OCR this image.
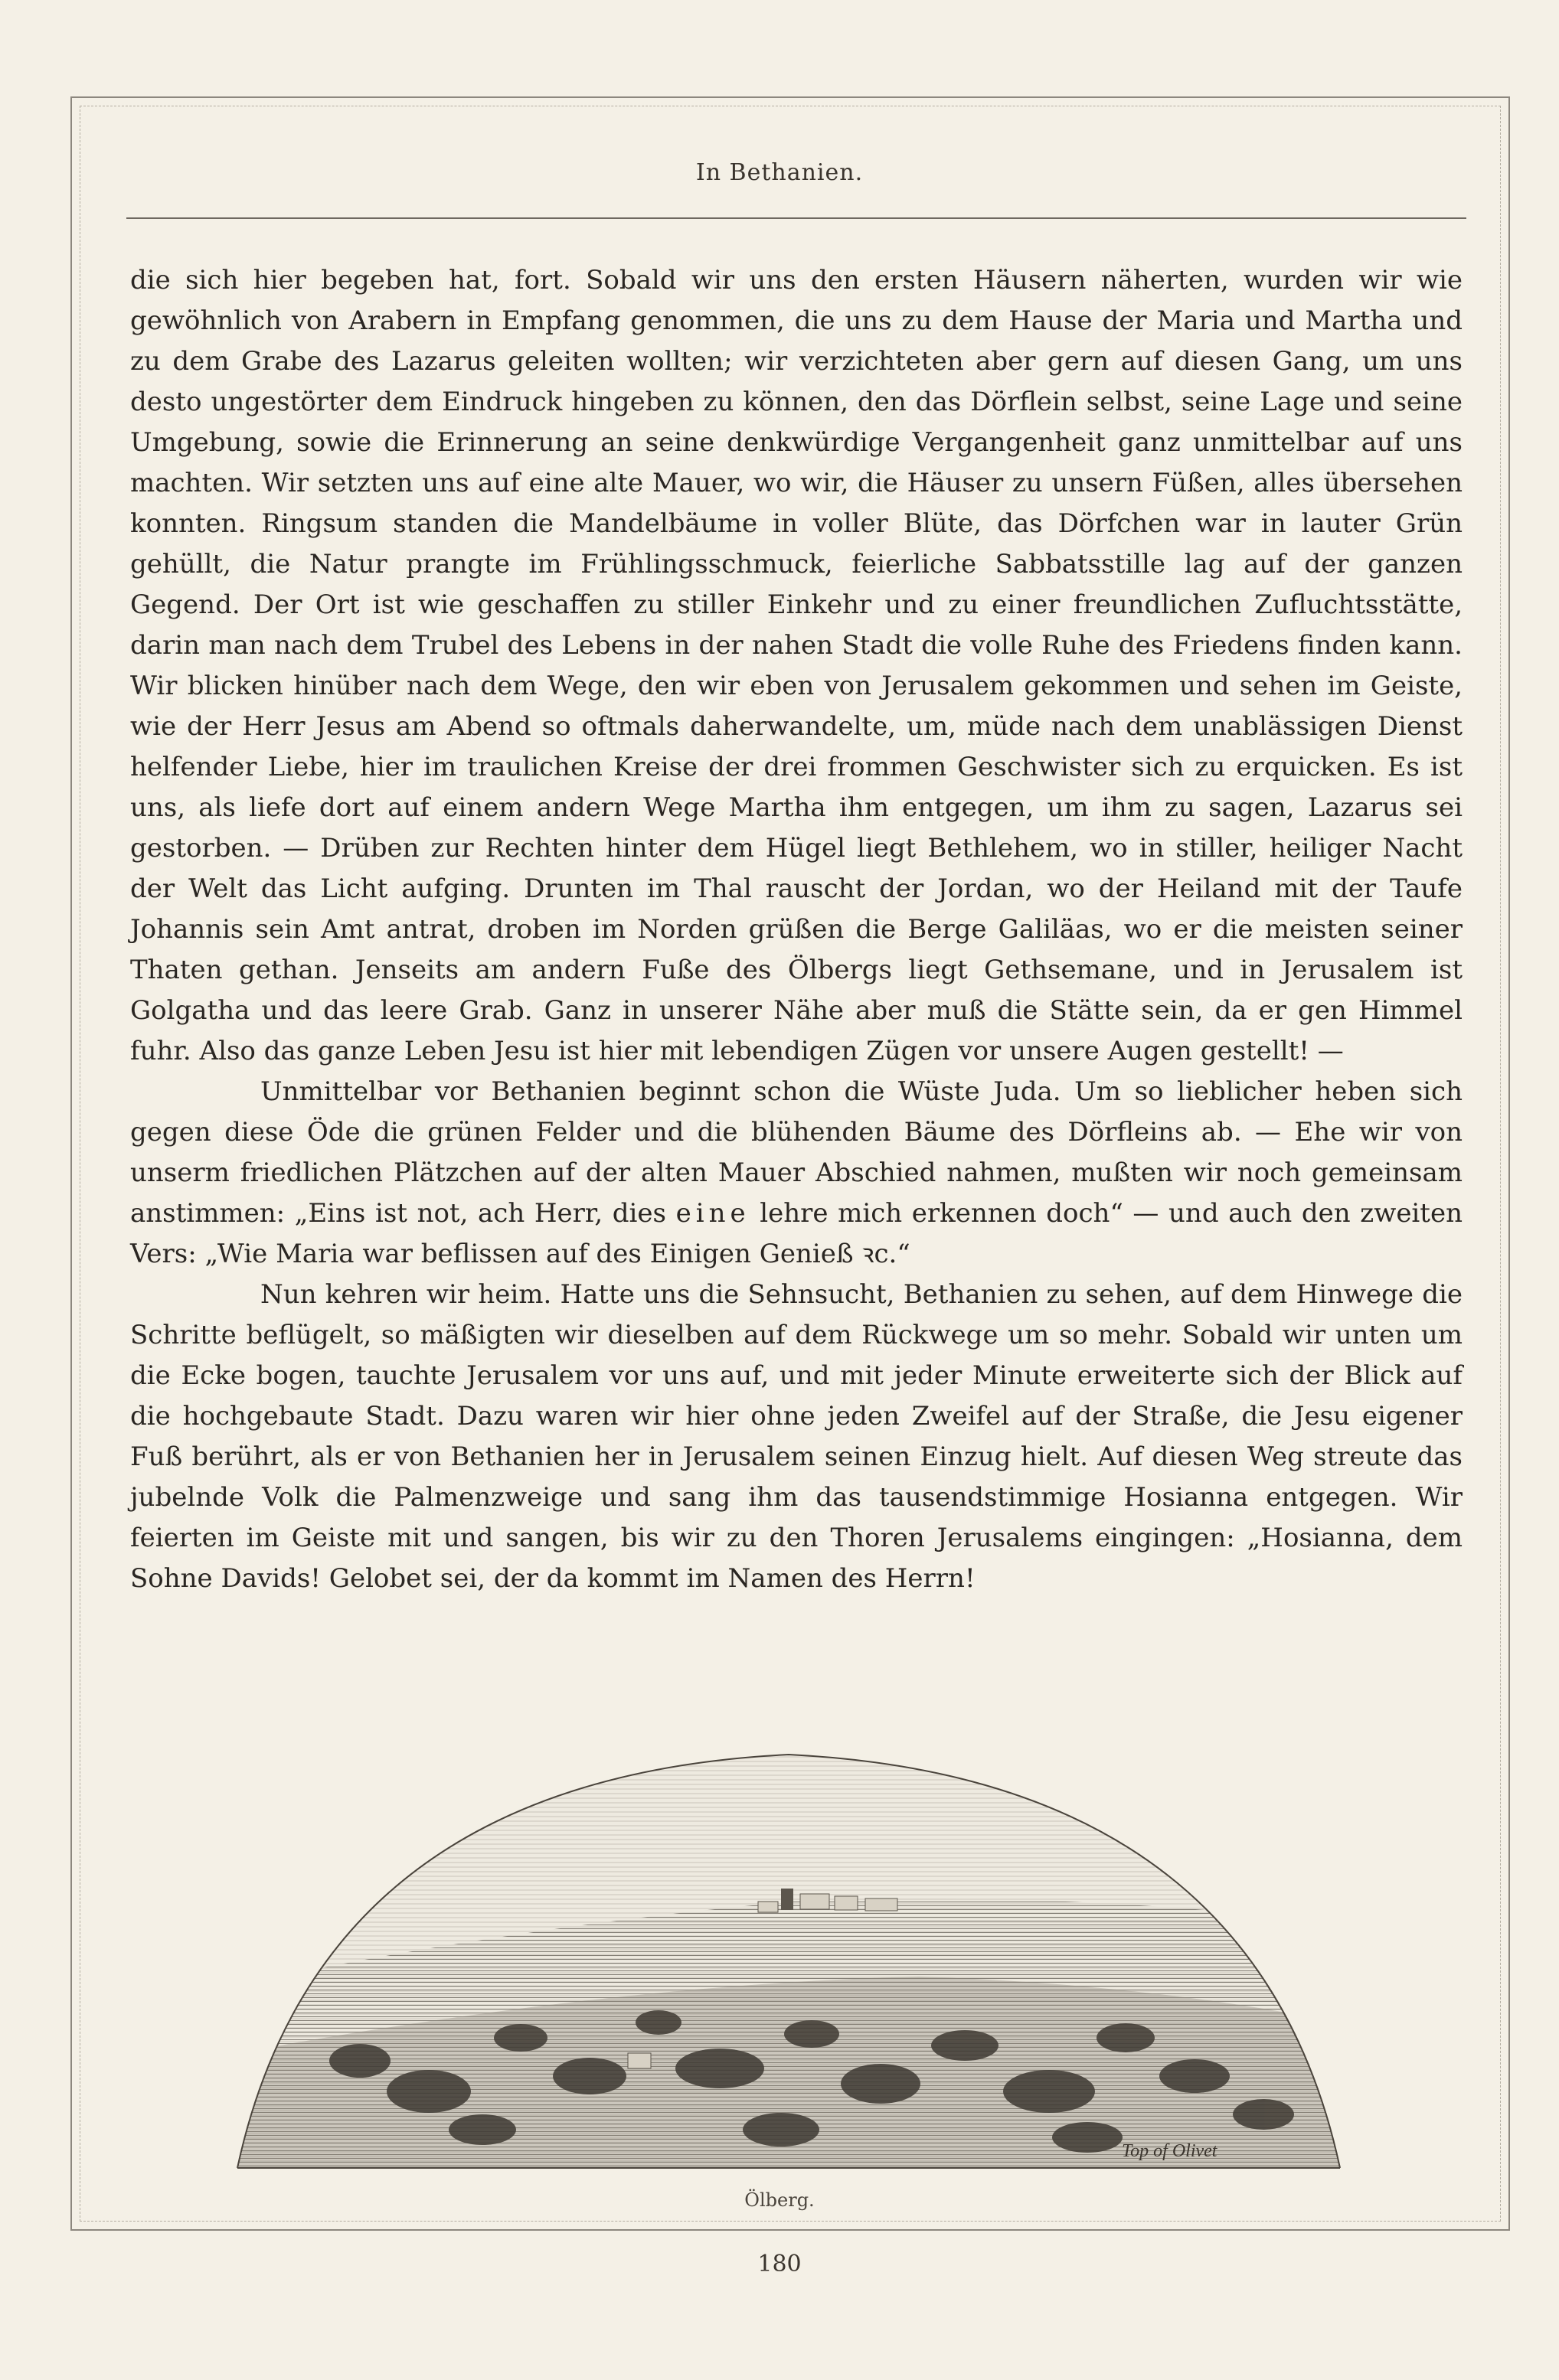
In Bethanien.

die sich hier begeben hat, fort. Sobald wir uns den ersten Häusern näherten, wurden wir wie gewöhnlich von Arabern in Empfang genommen, die uns zu dem Hause der Maria und Martha und zu dem Grabe des Lazarus geleiten wollten; wir verzichteten aber gern auf diesen Gang, um uns desto ungestörter dem Eindruck hingeben zu können, den das Dörflein selbst, seine Lage und seine Umgebung, sowie die Erinnerung an seine denkwürdige Vergangenheit ganz unmittelbar auf uns machten. Wir setzten uns auf eine alte Mauer, wo wir, die Häuser zu unsern Füßen, alles übersehen konnten. Ringsum standen die Mandelbäume in voller Blüte, das Dörfchen war in lauter Grün gehüllt, die Natur prangte im Frühlingsschmuck, feierliche Sabbatsstille lag auf der ganzen Gegend. Der Ort ist wie geschaffen zu stiller Einkehr und zu einer freundlichen Zufluchtsstätte, darin man nach dem Trubel des Lebens in der nahen Stadt die volle Ruhe des Friedens finden kann. Wir blicken hinüber nach dem Wege, den wir eben von Jerusalem gekommen und sehen im Geiste, wie der Herr Jesus am Abend so oftmals daherwandelte, um, müde nach dem unablässigen Dienst helfender Liebe, hier im traulichen Kreise der drei frommen Geschwister sich zu erquicken. Es ist uns, als liefe dort auf einem andern Wege Martha ihm entgegen, um ihm zu sagen, Lazarus sei gestorben. — Drüben zur Rechten hinter dem Hügel liegt Bethlehem, wo in stiller, heiliger Nacht der Welt das Licht aufging. Drunten im Thal rauscht der Jordan, wo der Heiland mit der Taufe Johannis sein Amt antrat, droben im Norden grüßen die Berge Galiläas, wo er die meisten seiner Thaten gethan. Jenseits am andern Fuße des Ölbergs liegt Gethsemane, und in Jerusalem ist Golgatha und das leere Grab. Ganz in unserer Nähe aber muß die Stätte sein, da er gen Himmel fuhr. Also das ganze Leben Jesu ist hier mit lebendigen Zügen vor unsere Augen gestellt! —

Unmittelbar vor Bethanien beginnt schon die Wüste Juda. Um so lieblicher heben sich gegen diese Öde die grünen Felder und die blühenden Bäume des Dörfleins ab. — Ehe wir von unserm friedlichen Plätzchen auf der alten Mauer Abschied nahmen, mußten wir noch gemeinsam anstimmen: „Eins ist not, ach Herr, dies eine lehre mich erkennen doch“ — und auch den zweiten Vers: „Wie Maria war beflissen auf des Einigen Genieß ꝛc.“

Nun kehren wir heim. Hatte uns die Sehnsucht, Bethanien zu sehen, auf dem Hinwege die Schritte beflügelt, so mäßigten wir dieselben auf dem Rückwege um so mehr. Sobald wir unten um die Ecke bogen, tauchte Jerusalem vor uns auf, und mit jeder Minute erweiterte sich der Blick auf die hochgebaute Stadt. Dazu waren wir hier ohne jeden Zweifel auf der Straße, die Jesu eigener Fuß berührt, als er von Bethanien her in Jerusalem seinen Einzug hielt. Auf diesen Weg streute das jubelnde Volk die Palmenzweige und sang ihm das tausendstimmige Hosianna entgegen. Wir feierten im Geiste mit und sangen, bis wir zu den Thoren Jerusalems eingingen: „Hosianna, dem Sohne Davids! Gelobet sei, der da kommt im Namen des Herrn!

Top of Olivet
Ölberg.
180
